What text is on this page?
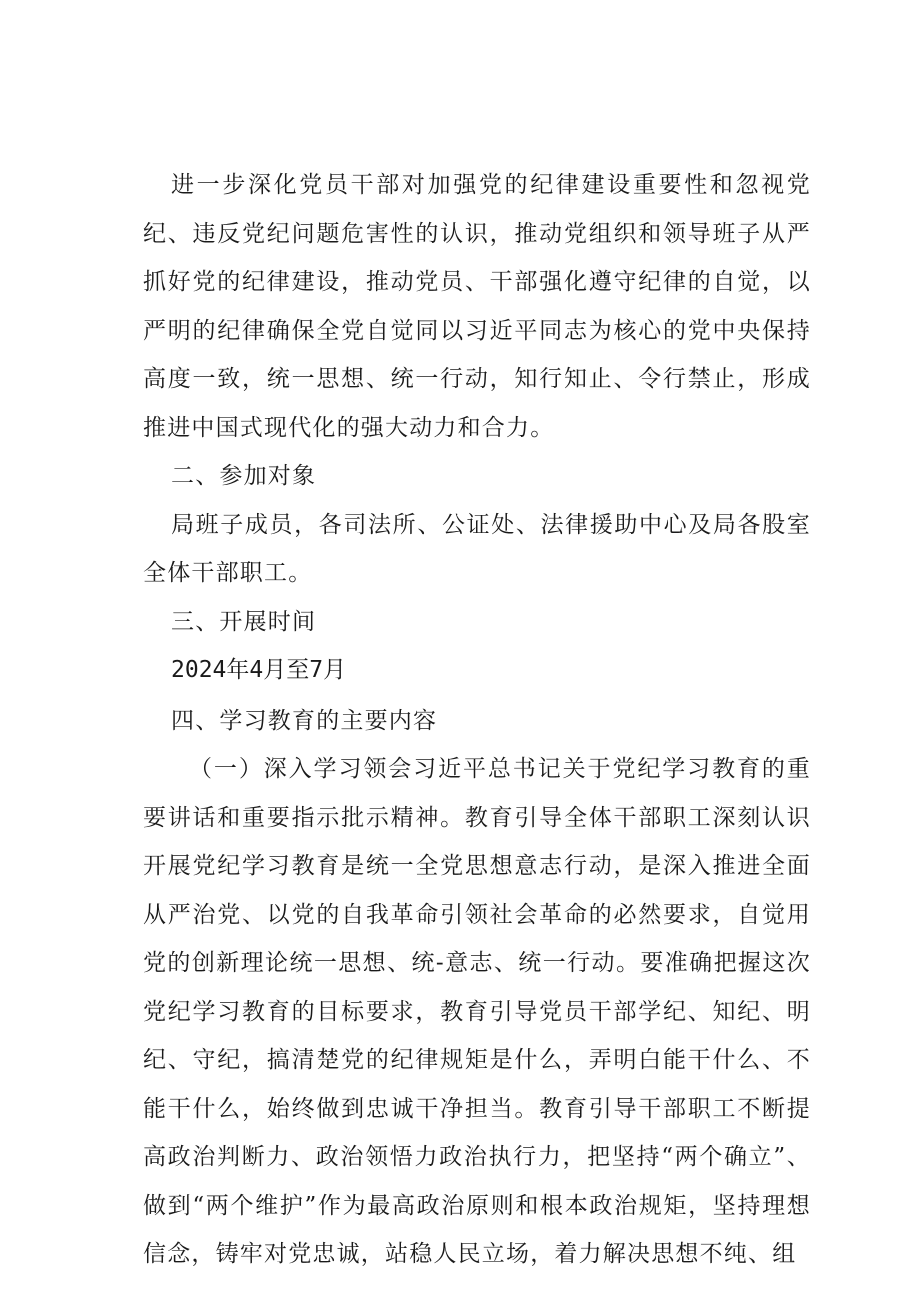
进一步深化党员干部对加强党的纪律建设重要性和忽视党纪、违反党纪问题危害性的认识，推动党组织和领导班子从严抓好党的纪律建设，推动党员、干部强化遵守纪律的自觉，以严明的纪律确保全党自觉同以习近平同志为核心的党中央保持高度一致，统一思想、统一行动，知行知止、令行禁止，形成推进中国式现代化的强大动力和合力。

二、参加对象

局班子成员，各司法所、公证处、法律援助中心及局各股室全体干部职工。

三、开展时间

2024年4月至7月

四、学习教育的主要内容

（一）深入学习领会习近平总书记关于党纪学习教育的重要讲话和重要指示批示精神。教育引导全体干部职工深刻认识开展党纪学习教育是统一全党思想意志行动，是深入推进全面从严治党、以党的自我革命引领社会革命的必然要求，自觉用党的创新理论统一思想、统-意志、统一行动。要准确把握这次党纪学习教育的目标要求，教育引导党员干部学纪、知纪、明纪、守纪，搞清楚党的纪律规矩是什么，弄明白能干什么、不能干什么，始终做到忠诚干净担当。教育引导干部职工不断提高政治判断力、政治领悟力政治执行力，把坚持“两个确立”、做到“两个维护”作为最高政治原则和根本政治规矩，坚持理想信念，铸牢对党忠诚，站稳人民立场，着力解决思想不纯、组
